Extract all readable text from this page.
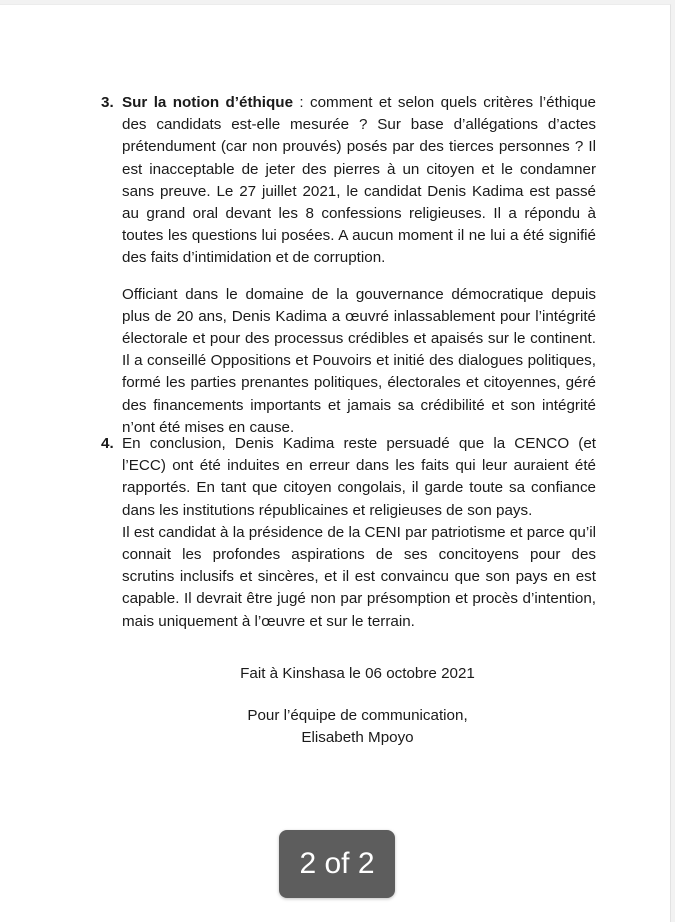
3. Sur la notion d’éthique : comment et selon quels critères l’éthique des candidats est-elle mesurée ? Sur base d’allégations d’actes prétendument (car non prouvés) posés par des tierces personnes ? Il est inacceptable de jeter des pierres à un citoyen et le condamner sans preuve. Le 27 juillet 2021, le candidat Denis Kadima est passé au grand oral devant les 8 confessions religieuses. Il a répondu à toutes les questions lui posées. A aucun moment il ne lui a été signifié des faits d’intimidation et de corruption.

Officiant dans le domaine de la gouvernance démocratique depuis plus de 20 ans, Denis Kadima a œuvré inlassablement pour l’intégrité électorale et pour des processus crédibles et apaisés sur le continent. Il a conseillé Oppositions et Pouvoirs et initié des dialogues politiques, formé les parties prenantes politiques, électorales et citoyennes, géré des financements importants et jamais sa crédibilité et son intégrité n’ont été mises en cause.

4. En conclusion, Denis Kadima reste persuadé que la CENCO (et l’ECC) ont été induites en erreur dans les faits qui leur auraient été rapportés. En tant que citoyen congolais, il garde toute sa confiance dans les institutions républicaines et religieuses de son pays.

Il est candidat à la présidence de la CENI par patriotisme et parce qu’il connait les profondes aspirations de ses concitoyens pour des scrutins inclusifs et sincères, et il est convaincu que son pays en est capable. Il devrait être jugé non par présomption et procès d’intention, mais uniquement à l’œuvre et sur le terrain.

Fait à Kinshasa le 06 octobre 2021
Pour l’équipe de communication,
Elisabeth Mpoyo
2 of 2
